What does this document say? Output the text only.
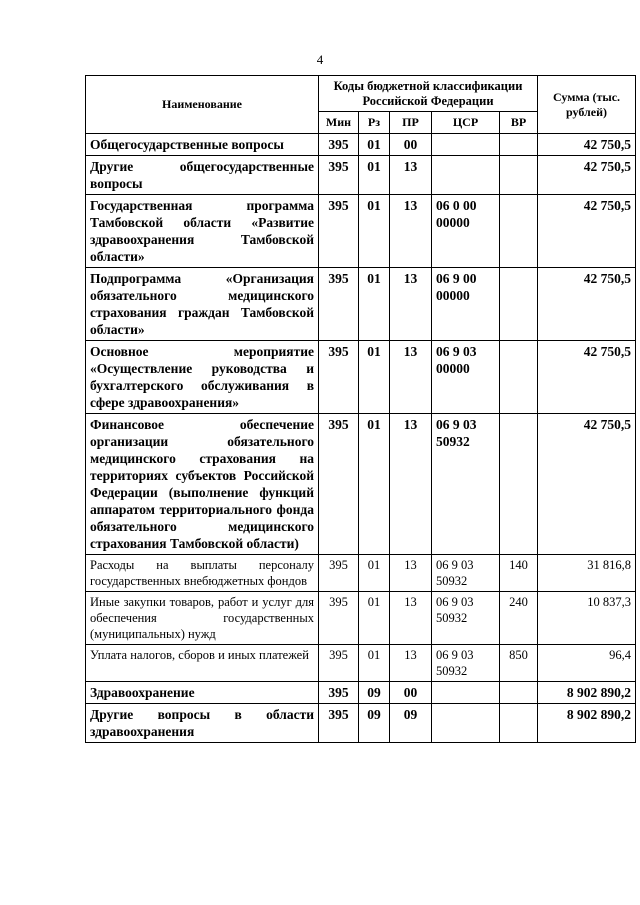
4
Наименование	Коды бюджетной классификации Российской Федерации					Сумма (тыс. рублей)
	Мин	Рз	ПР	ЦСР	ВР	
Общегосударственные вопросы	395	01	00			42 750,5
Другие общегосударственные вопросы	395	01	13			42 750,5
Государственная программа Тамбовской области «Развитие здравоохранения Тамбовской области»	395	01	13	06 0 00 00000		42 750,5
Подпрограмма «Организация обязательного медицинского страхования граждан Тамбовской области»	395	01	13	06 9 00 00000		42 750,5
Основное мероприятие «Осуществление руководства и бухгалтерского обслуживания в сфере здравоохранения»	395	01	13	06 9 03 00000		42 750,5
Финансовое обеспечение организации обязательного медицинского страхования на территориях субъектов Российской Федерации (выполнение функций аппаратом территориального фонда обязательного медицинского страхования Тамбовской области)	395	01	13	06 9 03 50932		42 750,5
Расходы на выплаты персоналу государственных внебюджетных фондов	395	01	13	06 9 03 50932	140	31 816,8
Иные закупки товаров, работ и услуг для обеспечения государственных (муниципальных) нужд	395	01	13	06 9 03 50932	240	10 837,3
Уплата налогов, сборов и иных платежей	395	01	13	06 9 03 50932	850	96,4
Здравоохранение	395	09	00			8 902 890,2
Другие вопросы в области здравоохранения	395	09	09			8 902 890,2
